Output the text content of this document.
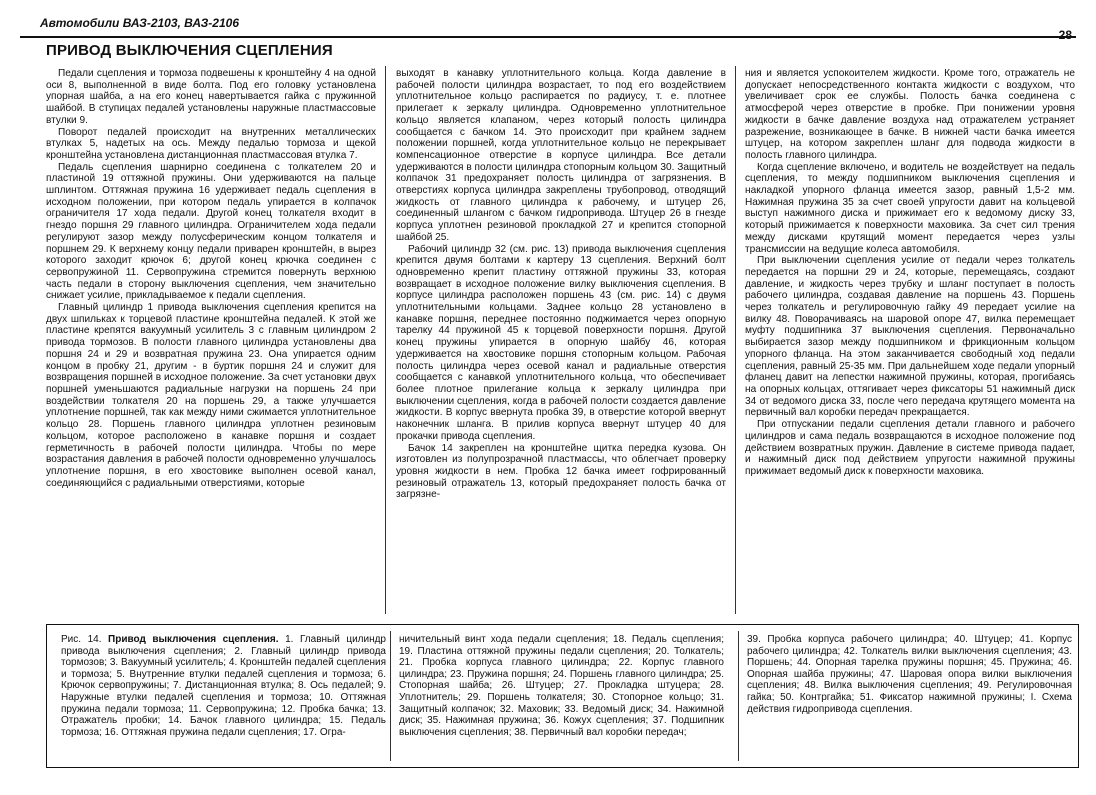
Автомобили ВАЗ-2103, ВАЗ-2106
28
ПРИВОД ВЫКЛЮЧЕНИЯ СЦЕПЛЕНИЯ

Педали сцепления и тормоза подвешены к кронштейну 4 на одной оси 8, выполненной в виде болта. Под его головку установлена упорная шайба, а на его конец навертывается гайка с пружинной шайбой. В ступицах педалей установлены наружные пластмассовые втулки 9.

Поворот педалей происходит на внутренних металлических втулках 5, надетых на ось. Между педалью тормоза и щекой кронштейна установлена дистанционная пластмассовая втулка 7.

Педаль сцепления шарнирно соединена с толкателем 20 и пластиной 19 оттяжной пружины. Они удерживаются на пальце шплинтом. Оттяжная пружина 16 удерживает педаль сцепления в исходном положении, при котором педаль упирается в колпачок ограничителя 17 хода педали. Другой конец толкателя входит в гнездо поршня 29 главного цилиндра. Ограничителем хода педали регулируют зазор между полусферическим концом толкателя и поршнем 29. К верхнему концу педали приварен кронштейн, в вырез которого заходит крючок 6; другой конец крючка соединен с сервопружиной 11. Сервопружина стремится повернуть верхнюю часть педали в сторону выключения сцепления, чем значительно снижает усилие, прикладываемое к педали сцепления.

Главный цилиндр 1 привода выключения сцепления крепится на двух шпильках к торцевой пластине кронштейна педалей. К этой же пластине крепятся вакуумный усилитель 3 с главным цилиндром 2 привода тормозов. В полости главного цилиндра установлены два поршня 24 и 29 и возвратная пружина 23. Она упирается одним концом в пробку 21, другим - в буртик поршня 24 и служит для возвращения поршней в исходное положение. За счет установки двух поршней уменьшаются радиальные нагрузки на поршень 24 при воздействии толкателя 20 на поршень 29, а также улучшается уплотнение поршней, так как между ними сжимается уплотнительное кольцо 28. Поршень главного цилиндра уплотнен резиновым кольцом, которое расположено в канавке поршня и создает герметичность в рабочей полости цилиндра. Чтобы по мере возрастания давления в рабочей полости одновременно улучшалось уплотнение поршня, в его хвостовике выполнен осевой канал, соединяющийся с радиальными отверстиями, которые

выходят в канавку уплотнительного кольца. Когда давление в рабочей полости цилиндра возрастает, то под его воздействием уплотнительное кольцо распирается по радиусу, т. е. плотнее прилегает к зеркалу цилиндра. Одновременно уплотнительное кольцо является клапаном, через который полость цилиндра сообщается с бачком 14. Это происходит при крайнем заднем положении поршней, когда уплотнительное кольцо не перекрывает компенсационное отверстие в корпусе цилиндра. Все детали удерживаются в полости цилиндра стопорным кольцом 30. Защитный колпачок 31 предохраняет полость цилиндра от загрязнения. В отверстиях корпуса цилиндра закреплены трубопровод, отводящий жидкость от главного цилиндра к рабочему, и штуцер 26, соединенный шлангом с бачком гидропривода. Штуцер 26 в гнезде корпуса уплотнен резиновой прокладкой 27 и крепится стопорной шайбой 25.

Рабочий цилиндр 32 (см. рис. 13) привода выключения сцепления крепится двумя болтами к картеру 13 сцепления. Верхний болт одновременно крепит пластину оттяжной пружины 33, которая возвращает в исходное положение вилку выключения сцепления. В корпусе цилиндра расположен поршень 43 (см. рис. 14) с двумя уплотнительными кольцами. Заднее кольцо 28 установлено в канавке поршня, переднее постоянно поджимается через опорную тарелку 44 пружиной 45 к торцевой поверхности поршня. Другой конец пружины упирается в опорную шайбу 46, которая удерживается на хвостовике поршня стопорным кольцом. Рабочая полость цилиндра через осевой канал и радиальные отверстия сообщается с канавкой уплотнительного кольца, что обеспечивает более плотное прилегание кольца к зеркалу цилиндра при выключении сцепления, когда в рабочей полости создается давление жидкости. В корпус ввернута пробка 39, в отверстие которой ввернут наконечник шланга. В прилив корпуса ввернут штуцер 40 для прокачки привода сцепления.

Бачок 14 закреплен на кронштейне щитка передка кузова. Он изготовлен из полупрозрачной пластмассы, что облегчает проверку уровня жидкости в нем. Пробка 12 бачка имеет гофрированный резиновый отражатель 13, который предохраняет полость бачка от загрязне-

ния и является успокоителем жидкости. Кроме того, отражатель не допускает непосредственного контакта жидкости с воздухом, что увеличивает срок ее службы. Полость бачка соединена с атмосферой через отверстие в пробке. При понижении уровня жидкости в бачке давление воздуха над отражателем устраняет разрежение, возникающее в бачке. В нижней части бачка имеется штуцер, на котором закреплен шланг для подвода жидкости в полость главного цилиндра.

Когда сцепление включено, и водитель не воздействует на педаль сцепления, то между подшипником выключения сцепления и накладкой упорного фланца имеется зазор, равный 1,5-2 мм. Нажимная пружина 35 за счет своей упругости давит на кольцевой выступ нажимного диска и прижимает его к ведомому диску 33, который прижимается к поверхности маховика. За счет сил трения между дисками крутящий момент передается через узлы трансмиссии на ведущие колеса автомобиля.

При выключении сцепления усилие от педали через толкатель передается на поршни 29 и 24, которые, перемещаясь, создают давление, и жидкость через трубку и шланг поступает в полость рабочего цилиндра, создавая давление на поршень 43. Поршень через толкатель и регулировочную гайку 49 передает усилие на вилку 48. Поворачиваясь на шаровой опоре 47, вилка перемещает муфту подшипника 37 выключения сцепления. Первоначально выбирается зазор между подшипником и фрикционным кольцом упорного фланца. На этом заканчивается свободный ход педали сцепления, равный 25-35 мм. При дальнейшем ходе педали упорный фланец давит на лепестки нажимной пружины, которая, прогибаясь на опорных кольцах, оттягивает через фиксаторы 51 нажимный диск 34 от ведомого диска 33, после чего передача крутящего момента на первичный вал коробки передач прекращается.

При отпускании педали сцепления детали главного и рабочего цилиндров и сама педаль возвращаются в исходное положение под действием возвратных пружин. Давление в системе привода падает, и нажимный диск под действием упругости нажимной пружины прижимает ведомый диск к поверхности маховика.

Рис. 14. Привод выключения сцепления. 1. Главный цилиндр привода выключения сцепления; 2. Главный цилиндр привода тормозов; 3. Вакуумный усилитель; 4. Кронштейн педалей сцепления и тормоза; 5. Внутренние втулки педалей сцепления и тормоза; 6. Крючок сервопружины; 7. Дистанционная втулка; 8. Ось педалей; 9. Наружные втулки педалей сцепления и тормоза; 10. Оттяжная пружина педали тормоза; 11. Сервопружина; 12. Пробка бачка; 13. Отражатель пробки; 14. Бачок главного цилиндра; 15. Педаль тормоза; 16. Оттяжная пружина педали сцепления; 17. Огра-
ничительный винт хода педали сцепления; 18. Педаль сцепления; 19. Пластина оттяжной пружины педали сцепления; 20. Толкатель; 21. Пробка корпуса главного цилиндра; 22. Корпус главного цилиндра; 23. Пружина поршня; 24. Поршень главного цилиндра; 25. Стопорная шайба; 26. Штуцер; 27. Прокладка штуцера; 28. Уплотнитель; 29. Поршень толкателя; 30. Стопорное кольцо; 31. Защитный колпачок; 32. Маховик; 33. Ведомый диск; 34. Нажимной диск; 35. Нажимная пружина; 36. Кожух сцепления; 37. Подшипник выключения сцепления; 38. Первичный вал коробки передач;
39. Пробка корпуса рабочего цилиндра; 40. Штуцер; 41. Корпус рабочего цилиндра; 42. Толкатель вилки выключения сцепления; 43. Поршень; 44. Опорная тарелка пружины поршня; 45. Пружина; 46. Опорная шайба пружины; 47. Шаровая опора вилки выключения сцепления; 48. Вилка выключения сцепления; 49. Регулировочная гайка; 50. Контргайка; 51. Фиксатор нажимной пружины; I. Схема действия гидропривода сцепления.
